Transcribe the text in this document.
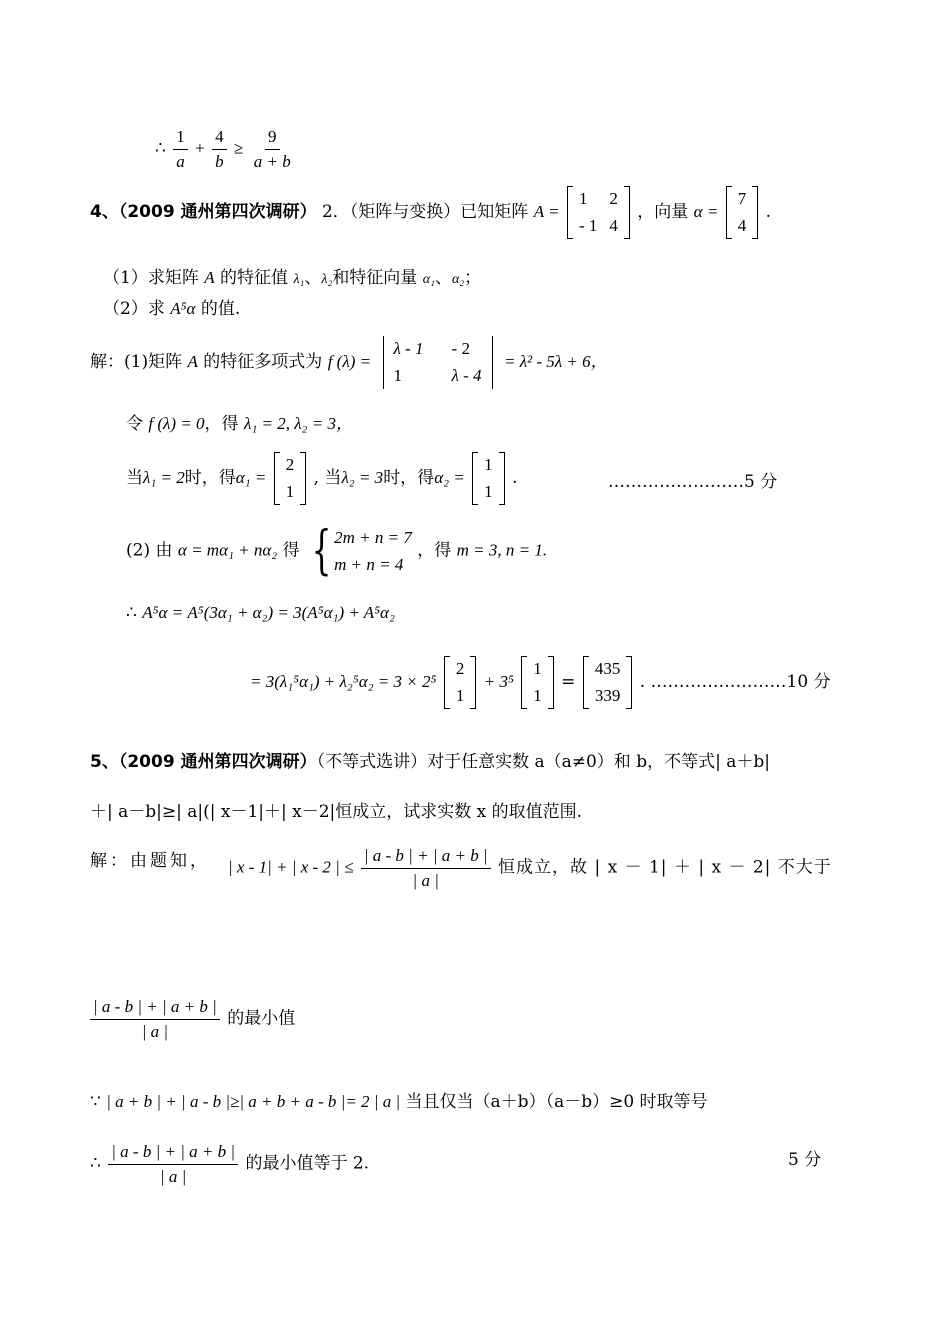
∴ $\frac{1}{a} + \frac{4}{b} \ge \frac{9}{a + b}$
4、（2009 通州第四次调研） 2．（矩阵与变换）已知矩阵 A =
1	2
- 1	4
，向量 α =
7
4
.
（1）求矩阵 A 的特征值 λ₁、λ₂和特征向量 α₁、α₂；
（2）求 A⁵α 的值.
解：(1)矩阵 A 的特征多项式为 f (λ) =
λ - 1	- 2
1	λ - 4
= λ² - 5λ + 6，
令 f (λ) = 0，得 λ₁ = 2, λ₂ = 3，
当λ₁ = 2时，得α₁ =
2
1
, 当λ₂ = 3时，得α₂ =
1
1
.	……………………5 分
(2) 由 α = mα₁ + nα₂ 得 { 2m + n = 7
m + n = 4
，得 m = 3, n = 1.
∴ A⁵α = A⁵(3α₁ + α₂) = 3(A⁵α₁) + A⁵α₂
= 3(λ₁⁵α₁) + λ₂⁵α₂ = 3 × 2⁵
2
1
+ 3⁵
1
1
=
435
339
. ……………………10 分
5、（2009 通州第四次调研）（不等式选讲）对于任意实数 a（a≠0）和 b，不等式| a＋b|
＋| a－b|≥| a|(| x－1|＋| x－2|恒成立，试求实数 x 的取值范围.
解：由题知， | x - 1| + | x - 2 | ≤ $\frac{| a - b | + | a + b |}{| a |}$ 恒成立，故 | x － 1| ＋ | x － 2| 不大于
$\frac{| a - b | + | a + b |}{| a |}$ 的最小值
∵ | a + b | + | a - b |≥| a + b + a - b |= 2 | a | 当且仅当（a＋b）（a－b）≥0 时取等号
∴ $\frac{| a - b | + | a + b |}{| a |}$ 的最小值等于 2.	5 分
